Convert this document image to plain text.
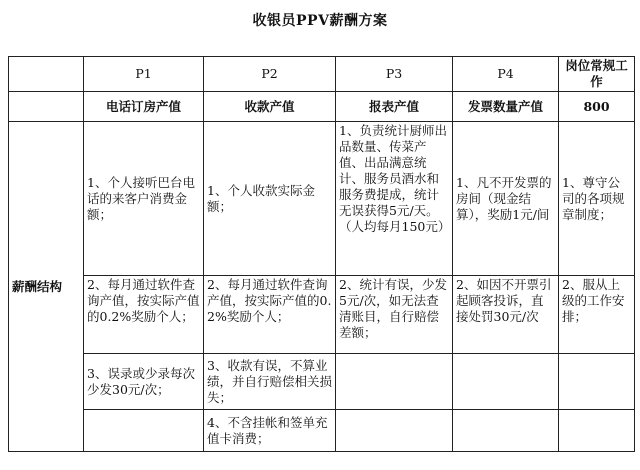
收银员PPV薪酬方案
	P1	P2	P3	P4	岗位常规工作
	电话订房产值	收款产值	报表产值	发票数量产值	800
薪酬结构	1、个人接听巴台电话的来客户消费金额；	1、个人收款实际金额；	1、负责统计厨师出品数量、传菜产值、出品满意统计、服务员酒水和服务费提成，统计无误获得5元/天。（人均每月150元）	1、凡不开发票的房间（现金结算），奖励1元/间	1、尊守公司的各项规章制度；
	2、每月通过软件查询产值，按实际产值的0.2%奖励个人；	2、每月通过软件查询产值，按实际产值的0.2%奖励个人；	2、统计有误，少发5元/次，如无法查清账目，自行赔偿差额；	2、如因不开票引起顾客投诉，直接处罚30元/次	2、服从上级的工作安排；
	3、误录或少录每次少发30元/次；	3、收款有误，不算业绩，并自行赔偿相关损失；			
		4、不含挂帐和签单充值卡消费；			
